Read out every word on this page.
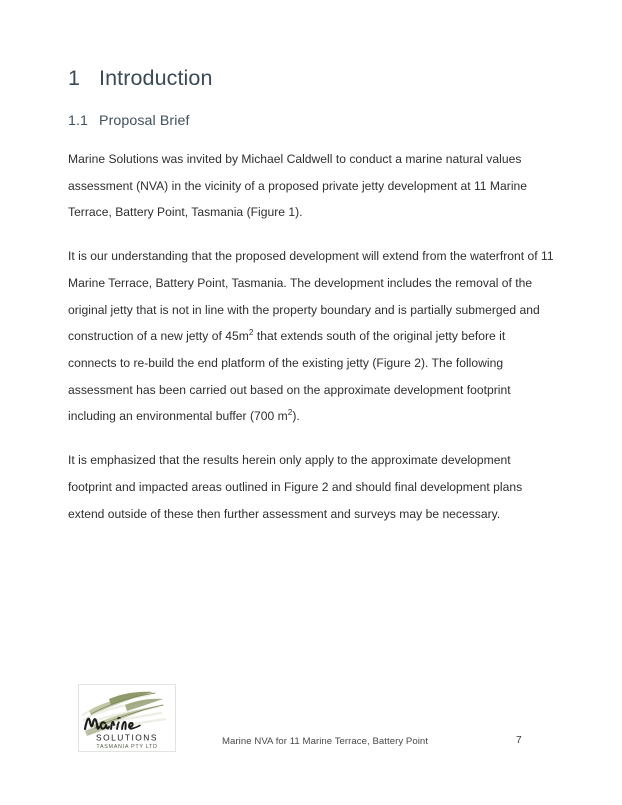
1 Introduction
1.1 Proposal Brief

Marine Solutions was invited by Michael Caldwell to conduct a marine natural values assessment (NVA) in the vicinity of a proposed private jetty development at 11 Marine Terrace, Battery Point, Tasmania (Figure 1).

It is our understanding that the proposed development will extend from the waterfront of 11 Marine Terrace, Battery Point, Tasmania. The development includes the removal of the original jetty that is not in line with the property boundary and is partially submerged and construction of a new jetty of $45m^2$ that extends south of the original jetty before it connects to re-build the end platform of the existing jetty (Figure 2). The following assessment has been carried out based on the approximate development footprint including an environmental buffer (700 $m^2$).

It is emphasized that the results herein only apply to the approximate development footprint and impacted areas outlined in Figure 2 and should final development plans extend outside of these then further assessment and surveys may be necessary.

SOLUTIONS
TASMANIA PTY LTD	Marine NVA for 11 Marine Terrace, Battery Point	7
